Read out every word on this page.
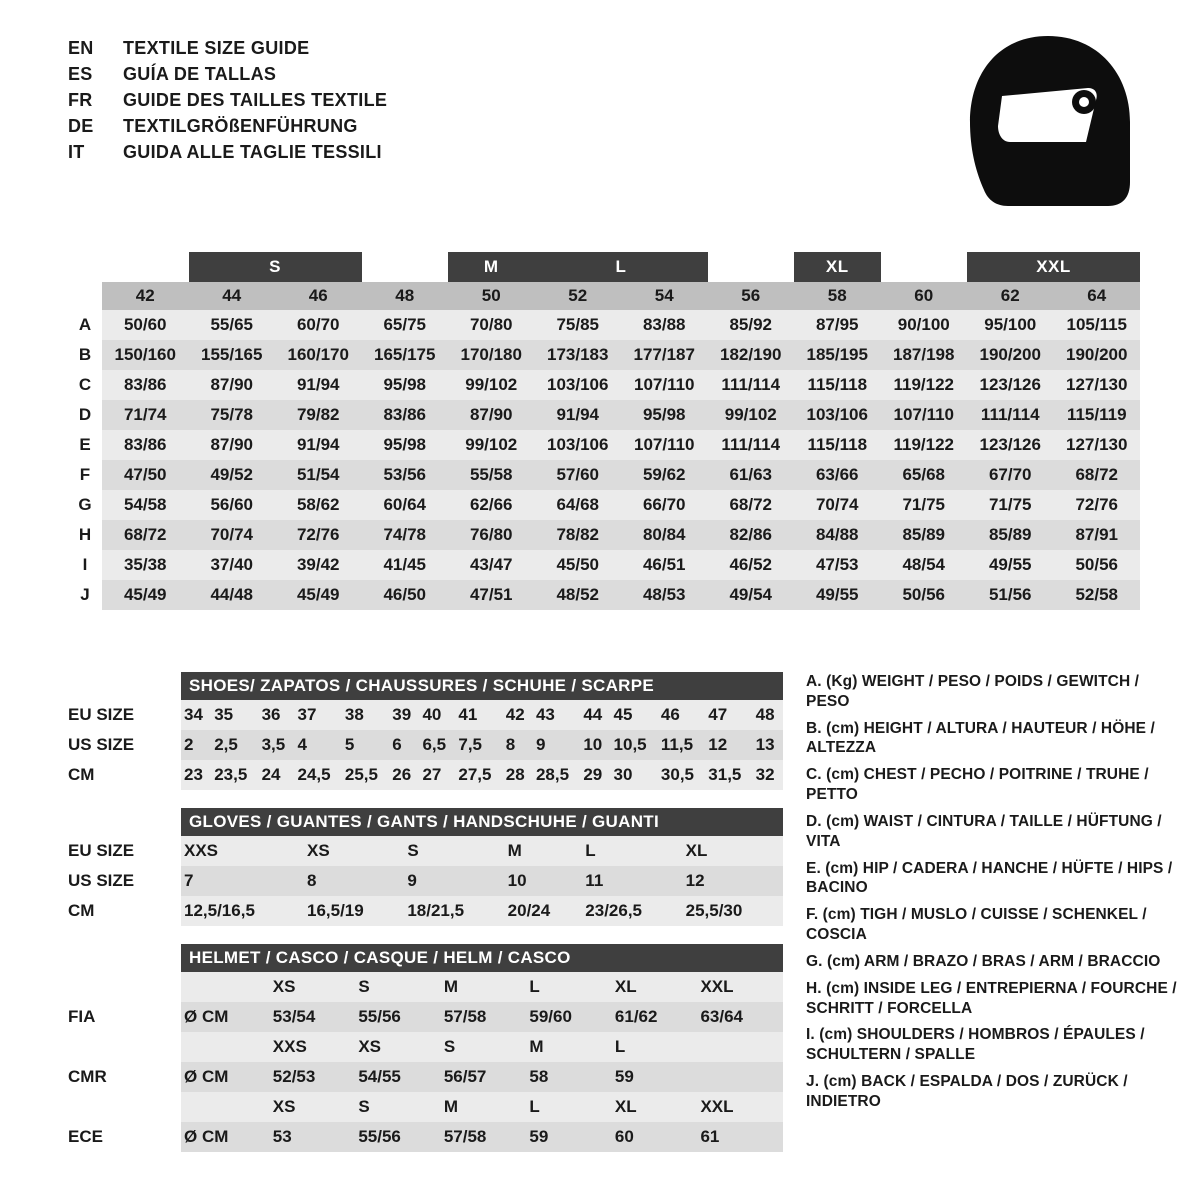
EN	TEXTILE SIZE GUIDE
ES	GUÍA DE TALLAS
FR	GUIDE DES TAILLES TEXTILE
DE	TEXTILGRÖßENFÜHRUNG
IT	GUIDA ALLE TAGLIE TESSILI
		S			M	L			XL		XXL		
	42	44	46	48	50	52	54	56	58	60	62	64	
A	50/60	55/65	60/70	65/75	70/80	75/85	83/88	85/92	87/95	90/100	95/100	105/115	
B	150/160	155/165	160/170	165/175	170/180	173/183	177/187	182/190	185/195	187/198	190/200	190/200	
C	83/86	87/90	91/94	95/98	99/102	103/106	107/110	111/114	115/118	119/122	123/126	127/130	
D	71/74	75/78	79/82	83/86	87/90	91/94	95/98	99/102	103/106	107/110	111/114	115/119	
E	83/86	87/90	91/94	95/98	99/102	103/106	107/110	111/114	115/118	119/122	123/126	127/130	
F	47/50	49/52	51/54	53/56	55/58	57/60	59/62	61/63	63/66	65/68	67/70	68/72	
G	54/58	56/60	58/62	60/64	62/66	64/68	66/70	68/72	70/74	71/75	71/75	72/76	
H	68/72	70/74	72/76	74/78	76/80	78/82	80/84	82/86	84/88	85/89	85/89	87/91	
I	35/38	37/40	39/42	41/45	43/47	45/50	46/51	46/52	47/53	48/54	49/55	50/56	
J	45/49	44/48	45/49	46/50	47/51	48/52	48/53	49/54	49/55	50/56	51/56	52/58	
SHOES/ ZAPATOS / CHAUSSURES / SCHUHE / SCARPE
EU SIZE	34	35	36	37	38	39	40	41	42	43	44	45	46	47	48
US SIZE	2	2,5	3,5	4	5	6	6,5	7,5	8	9	10	10,5	11,5	12	13
CM	23	23,5	24	24,5	25,5	26	27	27,5	28	28,5	29	30	30,5	31,5	32
GLOVES / GUANTES / GANTS / HANDSCHUHE / GUANTI
EU SIZE	XXS	XS	S	M	L	XL
US SIZE	7	8	9	10	11	12
CM	12,5/16,5	16,5/19	18/21,5	20/24	23/26,5	25,5/30
HELMET / CASCO / CASQUE / HELM / CASCO
		XS	S	M	L	XL	XXL
FIA	Ø CM	53/54	55/56	57/58	59/60	61/62	63/64
		XXS	XS	S	M	L	
CMR	Ø CM	52/53	54/55	56/57	58	59	
		XS	S	M	L	XL	XXL
ECE	Ø CM	53	55/56	57/58	59	60	61

A. (Kg) WEIGHT / PESO / POIDS / GEWITCH / PESO

B. (cm) HEIGHT / ALTURA / HAUTEUR / HÖHE / ALTEZZA

C. (cm) CHEST / PECHO / POITRINE / TRUHE / PETTO

D. (cm) WAIST / CINTURA / TAILLE / HÜFTUNG / VITA

E. (cm) HIP / CADERA / HANCHE / HÜFTE / HIPS / BACINO

F. (cm) TIGH / MUSLO / CUISSE / SCHENKEL / COSCIA

G. (cm) ARM / BRAZO / BRAS / ARM / BRACCIO

H. (cm) INSIDE LEG / ENTREPIERNA / FOURCHE / SCHRITT / FORCELLA

I. (cm) SHOULDERS / HOMBROS / ÉPAULES / SCHULTERN / SPALLE

J. (cm) BACK / ESPALDA / DOS / ZURÜCK / INDIETRO
